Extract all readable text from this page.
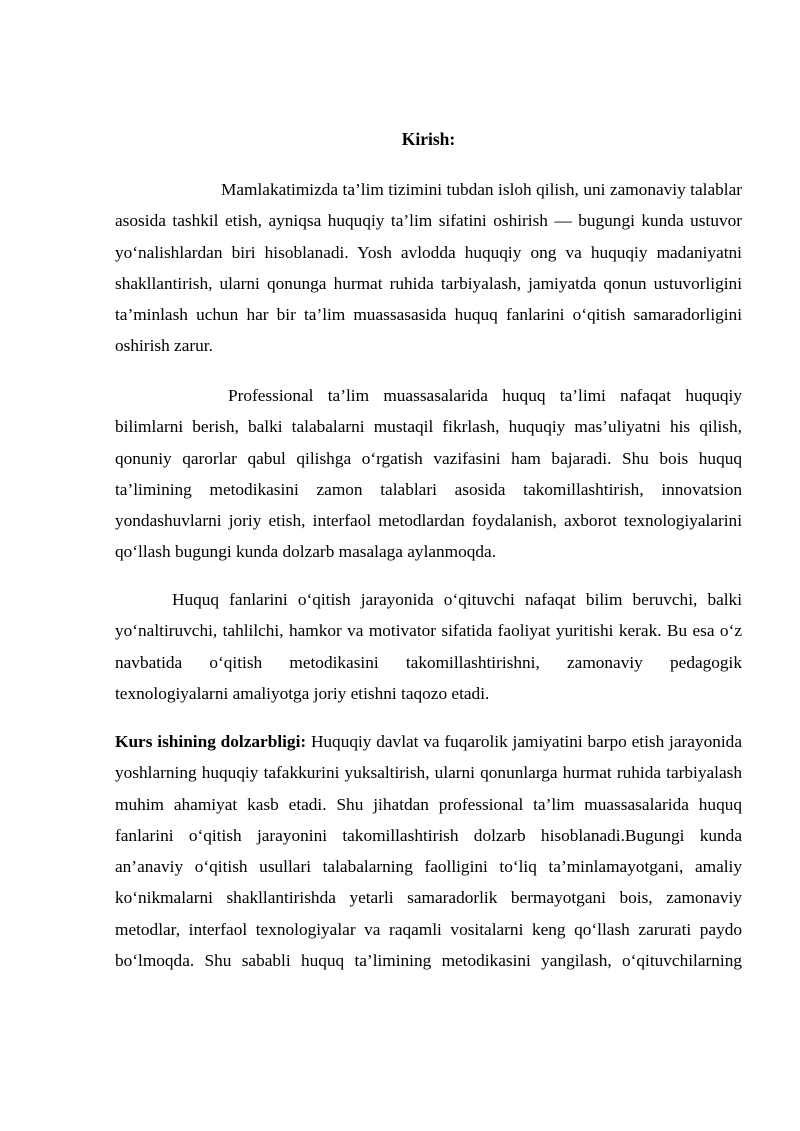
Kirish:

Mamlakatimizda ta’lim tizimini tubdan isloh qilish, uni zamonaviy talablar asosida tashkil etish, ayniqsa huquqiy ta’lim sifatini oshirish — bugungi kunda ustuvor yo‘nalishlardan biri hisoblanadi. Yosh avlodda huquqiy ong va huquqiy madaniyatni shakllantirish, ularni qonunga hurmat ruhida tarbiyalash, jamiyatda qonun ustuvorligini ta’minlash uchun har bir ta’lim muassasasida huquq fanlarini o‘qitish samaradorligini oshirish zarur.

Professional ta’lim muassasalarida huquq ta’limi nafaqat huquqiy bilimlarni berish, balki talabalarni mustaqil fikrlash, huquqiy mas’uliyatni his qilish, qonuniy qarorlar qabul qilishga o‘rgatish vazifasini ham bajaradi. Shu bois huquq ta’limining metodikasini zamon talablari asosida takomillashtirish, innovatsion yondashuvlarni joriy etish, interfaol metodlardan foydalanish, axborot texnologiyalarini qo‘llash bugungi kunda dolzarb masalaga aylanmoqda.

Huquq fanlarini o‘qitish jarayonida o‘qituvchi nafaqat bilim beruvchi, balki yo‘naltiruvchi, tahlilchi, hamkor va motivator sifatida faoliyat yuritishi kerak. Bu esa o‘z navbatida o‘qitish metodikasini takomillashtirishni, zamonaviy pedagogik texnologiyalarni amaliyotga joriy etishni taqozo etadi.

Kurs ishining dolzarbligi: Huquqiy davlat va fuqarolik jamiyatini barpo etish jarayonida yoshlarning huquqiy tafakkurini yuksaltirish, ularni qonunlarga hurmat ruhida tarbiyalash muhim ahamiyat kasb etadi. Shu jihatdan professional ta’lim muassasalarida huquq fanlarini o‘qitish jarayonini takomillashtirish dolzarb hisoblanadi.Bugungi kunda an’anaviy o‘qitish usullari talabalarning faolligini to‘liq ta’minlamayotgani, amaliy ko‘nikmalarni shakllantirishda yetarli samaradorlik bermayotgani bois, zamonaviy metodlar, interfaol texnologiyalar va raqamli vositalarni keng qo‘llash zarurati paydo bo‘lmoqda. Shu sababli huquq ta’limining metodikasini yangilash, o‘qituvchilarning
